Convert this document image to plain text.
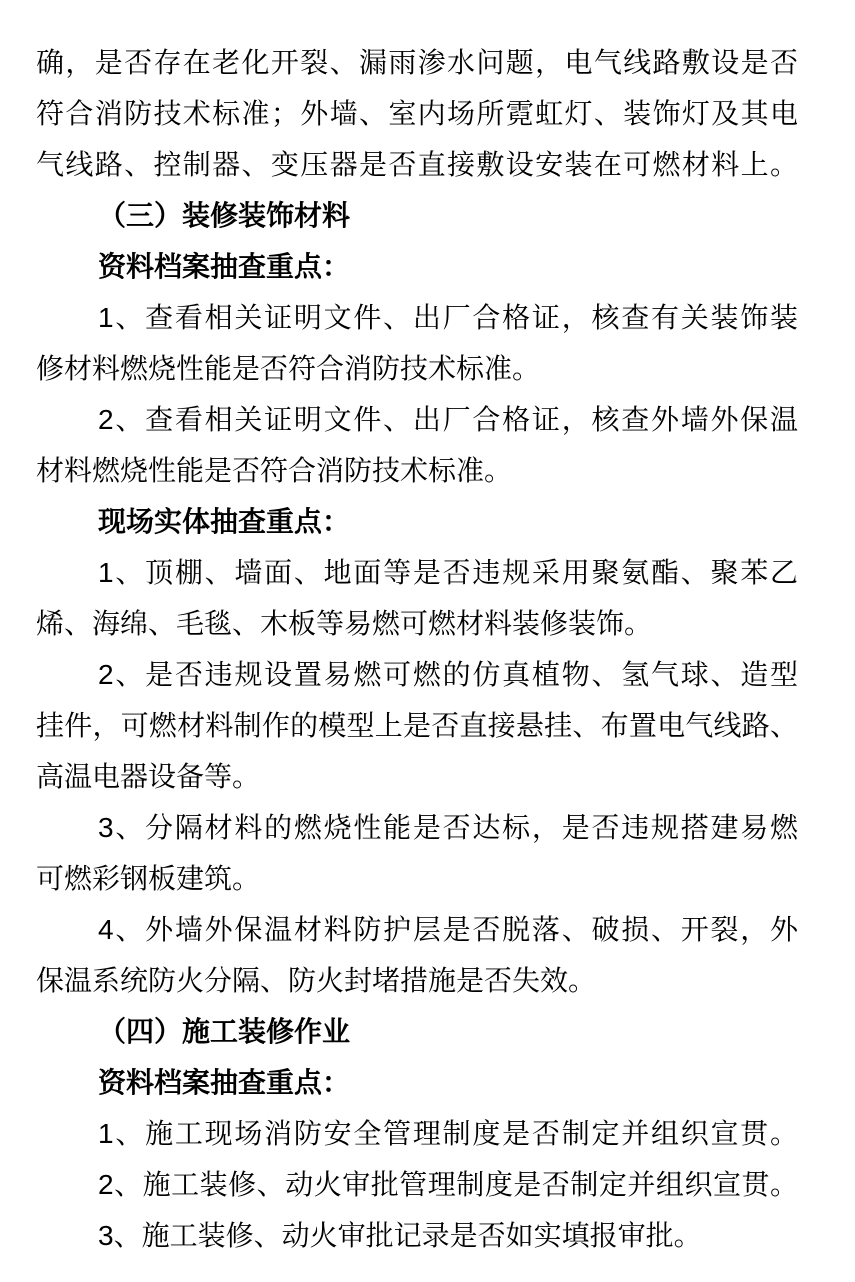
确，是否存在老化开裂、漏雨渗水问题，电气线路敷设是否
符合消防技术标准；外墙、室内场所霓虹灯、装饰灯及其电
气线路、控制器、变压器是否直接敷设安装在可燃材料上。
（三）装修装饰材料
资料档案抽查重点：
1、查看相关证明文件、出厂合格证，核查有关装饰装
修材料燃烧性能是否符合消防技术标准。
2、查看相关证明文件、出厂合格证，核查外墙外保温
材料燃烧性能是否符合消防技术标准。
现场实体抽查重点：
1、顶棚、墙面、地面等是否违规采用聚氨酯、聚苯乙
烯、海绵、毛毯、木板等易燃可燃材料装修装饰。
2、是否违规设置易燃可燃的仿真植物、氢气球、造型
挂件，可燃材料制作的模型上是否直接悬挂、布置电气线路、
高温电器设备等。
3、分隔材料的燃烧性能是否达标，是否违规搭建易燃
可燃彩钢板建筑。
4、外墙外保温材料防护层是否脱落、破损、开裂，外
保温系统防火分隔、防火封堵措施是否失效。
（四）施工装修作业
资料档案抽查重点：
1、施工现场消防安全管理制度是否制定并组织宣贯。
2、施工装修、动火审批管理制度是否制定并组织宣贯。
3、施工装修、动火审批记录是否如实填报审批。
